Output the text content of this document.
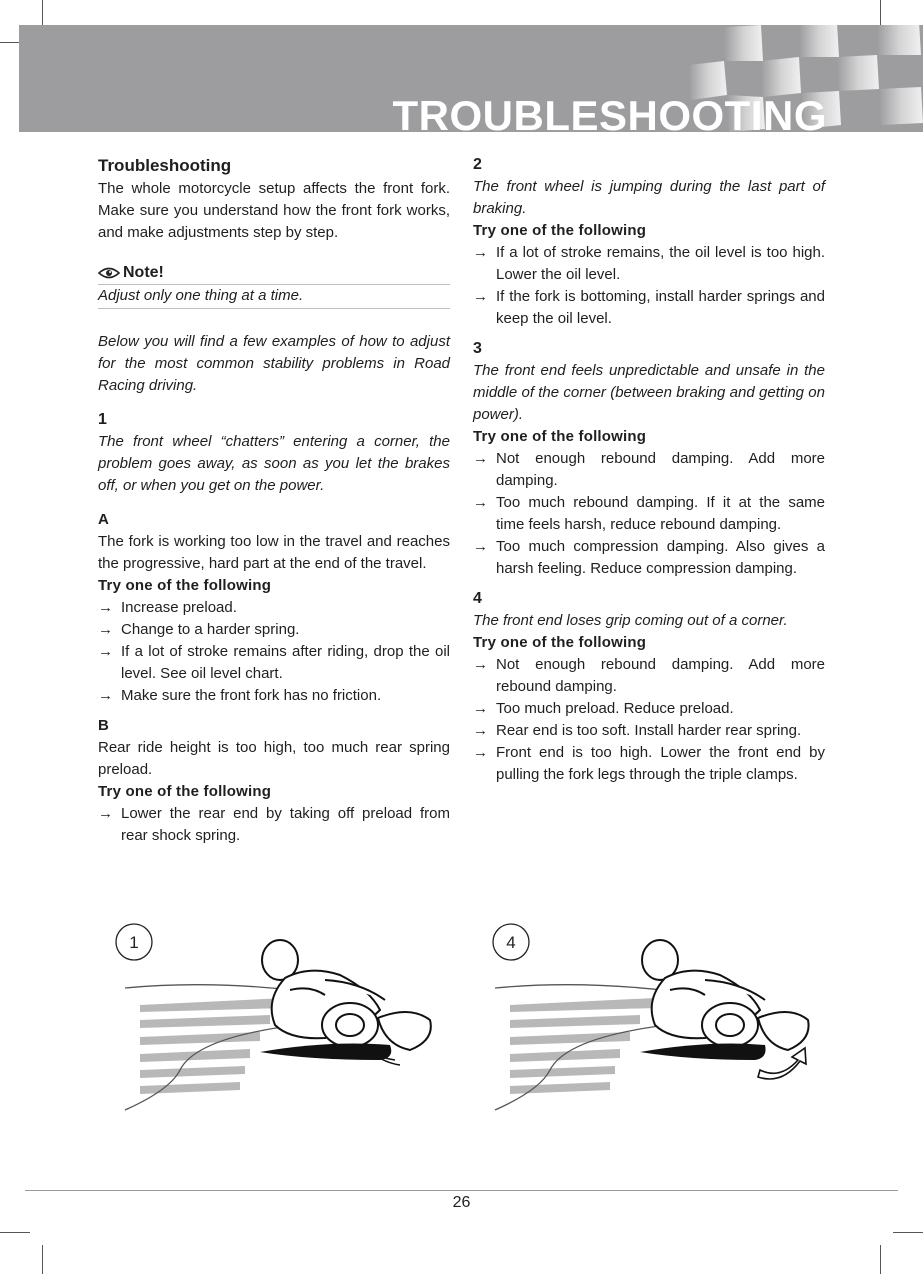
TROUBLESHOOTING

Troubleshooting

The whole motorcycle setup affects the front fork. Make sure you understand how the front fork works, and make adjustments step by step.

Note!
Adjust only one thing at a time.

Below you will find a few examples of how to adjust for the most common stability problems in Road Racing driving.

1

The front wheel “chatters” entering a corner, the problem goes away, as soon as you let the brakes off, or when you get on the power.

A

The fork is working too low in the travel and reaches the progressive, hard part at the end of the travel.

Try one of the following

→ Increase preload.
→ Change to a harder spring.
→ If a lot of stroke remains after riding, drop the oil level. See oil level chart.
→ Make sure the front fork has no friction.

B

Rear ride height is too high, too much rear spring preload.

Try one of the following

→ Lower the rear end by taking off preload from rear shock spring.

2

The front wheel is jumping during the last part of braking.

Try one of the following

→ If a lot of stroke remains, the oil level is too high. Lower the oil level.
→ If the fork is bottoming, install harder springs and keep the oil level.

3

The front end feels unpredictable and unsafe in the middle of the corner (between braking and getting on power).

Try one of the following

→ Not enough rebound damping. Add more damping.
→ Too much rebound damping. If it at the same time feels harsh, reduce rebound damping.
→ Too much compression damping. Also gives a harsh feeling. Reduce compression damping.

4

The front end loses grip coming out of a corner.

Try one of the following

→ Not enough rebound damping. Add more rebound damping.
→ Too much preload. Reduce preload.
→ Rear end is too soft. Install harder rear spring.
→ Front end is too high. Lower the front end by pulling the fork legs through the triple clamps.
1	4
26
